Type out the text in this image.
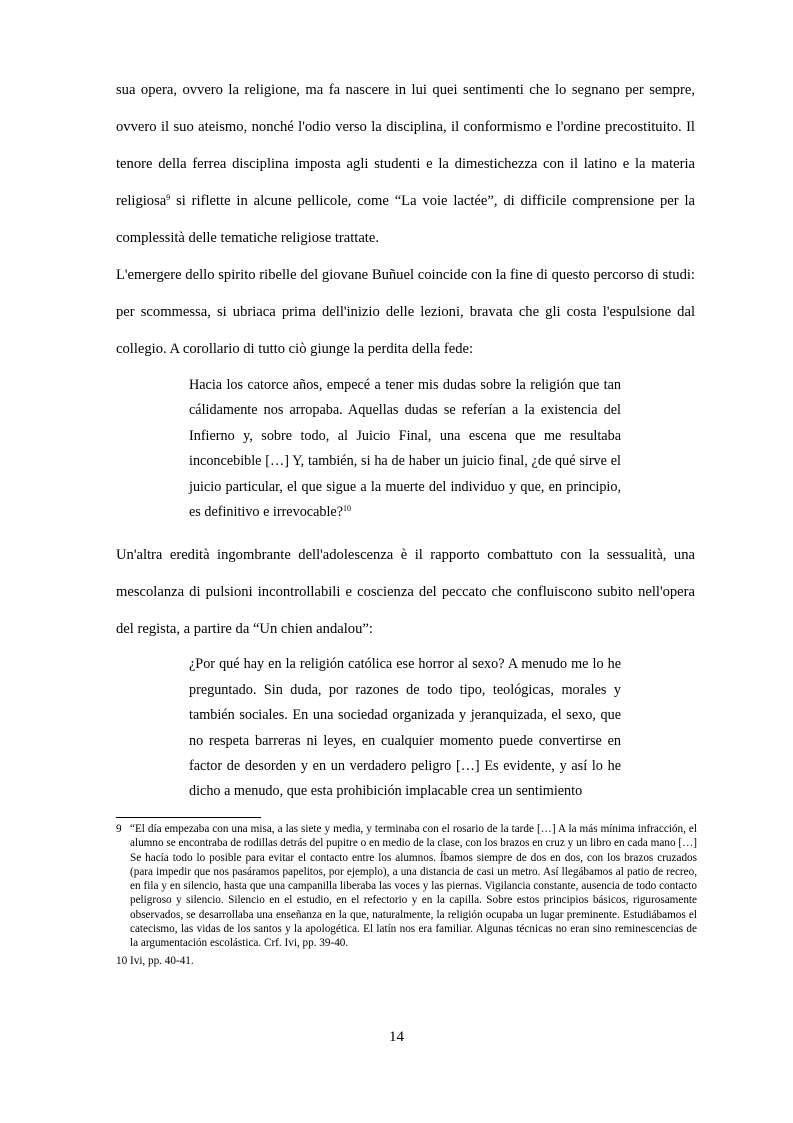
sua opera, ovvero la religione, ma fa nascere in lui quei sentimenti che lo segnano per sempre, ovvero il suo ateismo, nonché l'odio verso la disciplina, il conformismo e l'ordine precostituito. Il tenore della ferrea disciplina imposta agli studenti e la dimestichezza con il latino e la materia religiosa$^9$ si riflette in alcune pellicole, come “La voie lactée”, di difficile comprensione per la complessità delle tematiche religiose trattate.

L'emergere dello spirito ribelle del giovane Buñuel coincide con la fine di questo percorso di studi: per scommessa, si ubriaca prima dell'inizio delle lezioni, bravata che gli costa l'espulsione dal collegio. A corollario di tutto ciò giunge la perdita della fede:

Hacia los catorce años, empecé a tener mis dudas sobre la religión que tan cálidamente nos arropaba. Aquellas dudas se referían a la existencia del Infierno y, sobre todo, al Juicio Final, una escena que me resultaba inconcebible […] Y, también, si ha de haber un juicio final, ¿de qué sirve el juicio particular, el que sigue a la muerte del individuo y que, en principio, es definitivo e irrevocable?$^{10}$

Un'altra eredità ingombrante dell'adolescenza è il rapporto combattuto con la sessualità, una mescolanza di pulsioni incontrollabili e coscienza del peccato che confluiscono subito nell'opera del regista, a partire da “Un chien andalou”:

¿Por qué hay en la religión católica ese horror al sexo? A menudo me lo he preguntado. Sin duda, por razones de todo tipo, teológicas, morales y también sociales. En una sociedad organizada y jeranquizada, el sexo, que no respeta barreras ni leyes, en cualquier momento puede convertirse en factor de desorden y en un verdadero peligro […] Es evidente, y así lo he dicho a menudo, que esta prohibición implacable crea un sentimiento
9 “El día empezaba con una misa, a las siete y media, y terminaba con el rosario de la tarde […] A la más mínima infracción, el alumno se encontraba de rodillas detrás del pupitre o en medio de la clase, con los brazos en cruz y un libro en cada mano […] Se hacía todo lo posible para evitar el contacto entre los alumnos. Íbamos siempre de dos en dos, con los brazos cruzados (para impedir que nos pasáramos papelitos, por ejemplo), a una distancia de casi un metro. Así llegábamos al patio de recreo, en fila y en silencio, hasta que una campanilla liberaba las voces y las piernas. Vigilancia constante, ausencia de todo contacto peligroso y silencio. Silencio en el estudio, en el refectorio y en la capilla. Sobre estos principios básicos, rigurosamente observados, se desarrollaba una enseñanza en la que, naturalmente, la religión ocupaba un lugar preminente. Estudiábamos el catecismo, las vidas de los santos y la apologética. El latín nos era familiar. Algunas técnicas no eran sino reminescencias de la argumentación escolástica. Crf. Ivi, pp. 39-40.
10 Ivi, pp. 40-41.
14
